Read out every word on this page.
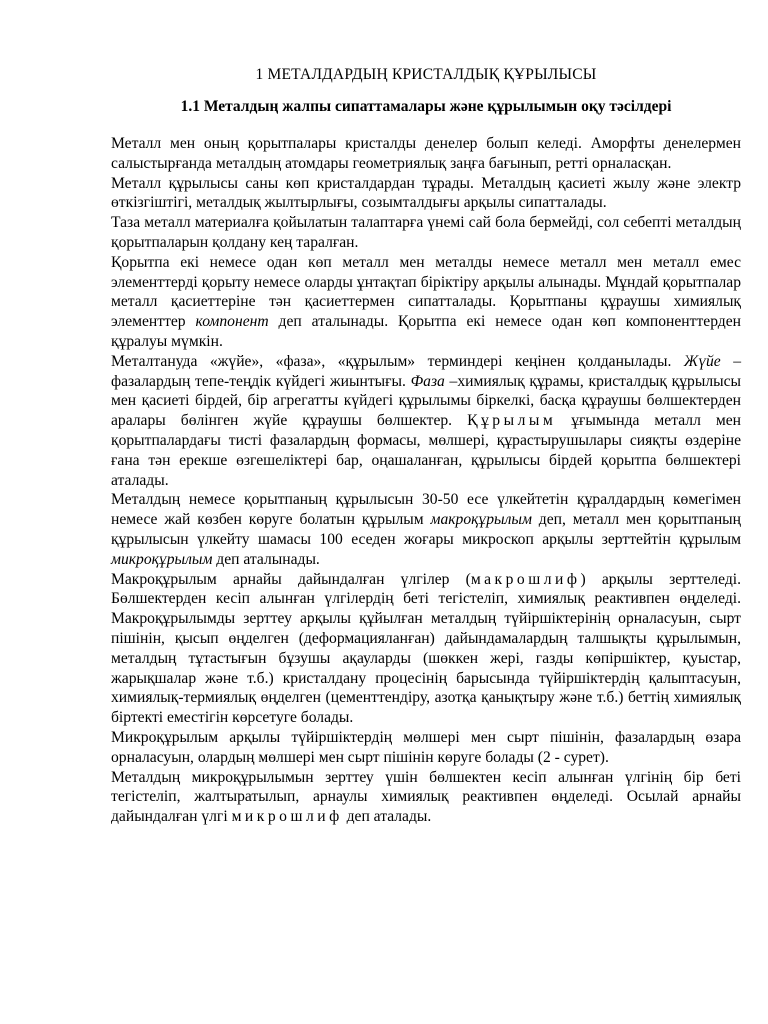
1 МЕТАЛДАРДЫҢ КРИСТАЛДЫҚ ҚҰРЫЛЫСЫ
1.1 Металдың жалпы сипаттамалары және құрылымын оқу тәсілдері

Металл мен оның қорытпалары кристалды денелер болып келеді. Аморфты денелермен салыстырғанда металдың атомдары геометриялық заңға бағынып, ретті орналасқан.

Металл құрылысы саны көп кристалдардан тұрады. Металдың қасиеті жылу және электр өткізгіштігі, металдық жылтырлығы, созымталдығы арқылы сипатталады.

Таза металл материалға қойылатын талаптарға үнемі сай бола бермейді, сол себепті металдың қорытпаларын қолдану кең таралған.

Қорытпа екі немесе одан көп металл мен металды немесе металл мен металл емес элементтерді қорыту немесе оларды ұнтақтап біріктіру арқылы алынады. Мұндай қорытпалар металл қасиеттеріне тән қасиеттермен сипатталады. Қорытпаны құраушы химиялық элементтер компонент деп аталынады. Қорытпа екі немесе одан көп компоненттерден құралуы мүмкін.

Металтануда «жүйе», «фаза», «құрылым» терминдері кеңінен қолданылады. Жүйе – фазалардың тепе-теңдік күйдегі жиынтығы. Фаза –химиялық құрамы, кристалдық құрылысы мен қасиеті бірдей, бір агрегатты күйдегі құрылымы біркелкі, басқа құраушы бөлшектерден аралары бөлінген жүйе құраушы бөлшектер. Құрылым ұғымында металл мен қорытпалардағы тисті фазалардың формасы, мөлшері, құрастырушылары сияқты өздеріне ғана тән ерекше өзгешеліктері бар, оңашаланған, құрылысы бірдей қорытпа бөлшектері аталады.

Металдың немесе қорытпаның құрылысын 30-50 есе үлкейтетін құралдардың көмегімен немесе жай көзбен көруге болатын құрылым макроқұрылым деп, металл мен қорытпаның құрылысын үлкейту шамасы 100 еседен жоғары микроскоп арқылы зерттейтін құрылым микроқұрылым деп аталынады.

Макроқұрылым арнайы дайындалған үлгілер (макрошлиф) арқылы зерттеледі. Бөлшектерден кесіп алынған үлгілердің беті тегістеліп, химиялық реактивпен өңделеді. Макроқұрылымды зерттеу арқылы құйылған металдың түйіршіктерінің орналасуын, сырт пішінін, қысып өңделген (деформацияланған) дайындамалардың талшықты құрылымын, металдың тұтастығын бұзушы ақауларды (шөккен жері, газды көпіршіктер, қуыстар, жарықшалар және т.б.) кристалдану процесінің барысында түйіршіктердің қалыптасуын, химиялық-термиялық өңделген (цементтендіру, азотқа қанықтыру және т.б.) беттің химиялық біртекті еместігін көрсетуге болады.

Микроқұрылым арқылы түйіршіктердің мөлшері мен сырт пішінін, фазалардың өзара орналасуын, олардың мөлшері мен сырт пішінін көруге болады (2 - сурет).

Металдың микроқұрылымын зерттеу үшін бөлшектен кесіп алынған үлгінің бір беті тегістеліп, жалтыратылып, арнаулы химиялық реактивпен өңделеді. Осылай арнайы дайындалған үлгі микрошлиф деп аталады.
